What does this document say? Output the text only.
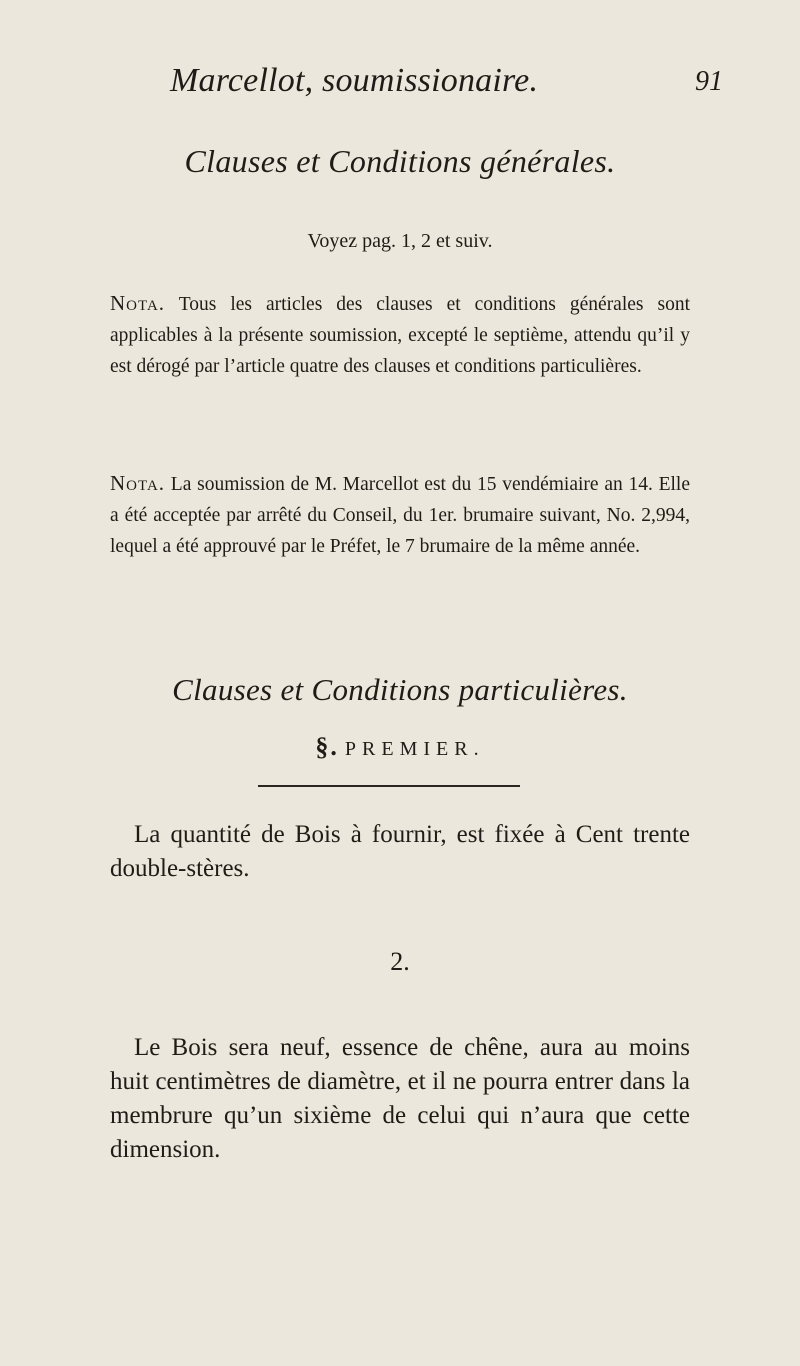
Marcellot, soumissionaire.	91
Clauses et Conditions générales.
Voyez pag. 1, 2 et suiv.
Nota. Tous les articles des clauses et conditions générales sont applicables à la présente soumission, excepté le septième, attendu qu’il y est dérogé par l’article quatre des clauses et conditions particulières.
Nota. La soumission de M. Marcellot est du 15 vendémiaire an 14. Elle a été acceptée par arrêté du Conseil, du 1er. brumaire suivant, No. 2,994, lequel a été approuvé par le Préfet, le 7 brumaire de la même année.
Clauses et Conditions particulières.
§. PREMIER.
La quantité de Bois à fournir, est fixée à Cent trente double-stères.
2.
Le Bois sera neuf, essence de chêne, aura au moins huit centimètres de diamètre, et il ne pourra entrer dans la membrure qu’un sixième de celui qui n’aura que cette dimension.
